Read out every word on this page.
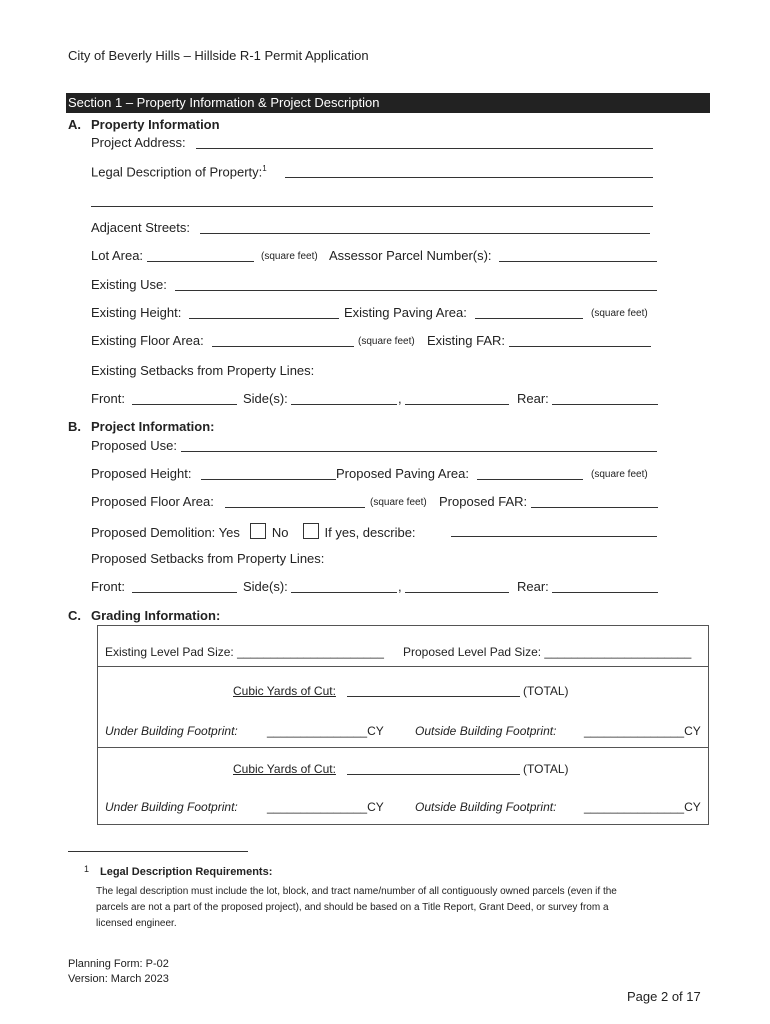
City of Beverly Hills – Hillside R-1 Permit Application
Section 1 – Property Information & Project Description
A. Property Information
Project Address:
Legal Description of Property:$^1$
Adjacent Streets:
Lot Area:	(square feet) Assessor Parcel Number(s):
Existing Use:
Existing Height:	Existing Paving Area:	(square feet)
Existing Floor Area:	(square feet) Existing FAR:
Existing Setbacks from Property Lines:
Front:	Side(s):	,	Rear:
B. Project Information:
Proposed Use:
Proposed Height:	Proposed Paving Area:	(square feet)
Proposed Floor Area:	(square feet) Proposed FAR:
Proposed Demolition: Yes No	If yes, describe:
Proposed Setbacks from Property Lines:
Front:	Side(s):	,	Rear:
C. Grading Information:
Existing Level Pad Size: ______________________ Proposed Level Pad Size: ______________________
Cubic Yards of Cut:	(TOTAL)
Under Building Footprint: _______________CY	Outside Building Footprint: _______________CY
Cubic Yards of Cut:	(TOTAL)
Under Building Footprint: _______________CY	Outside Building Footprint: _______________CY
1 Legal Description Requirements:
The legal description must include the lot, block, and tract name/number of all contiguously owned parcels (even if the
parcels are not a part of the proposed project), and should be based on a Title Report, Grant Deed, or survey from a
licensed engineer.
Planning Form: P-02
Version: March 2023
Page 2 of 17
